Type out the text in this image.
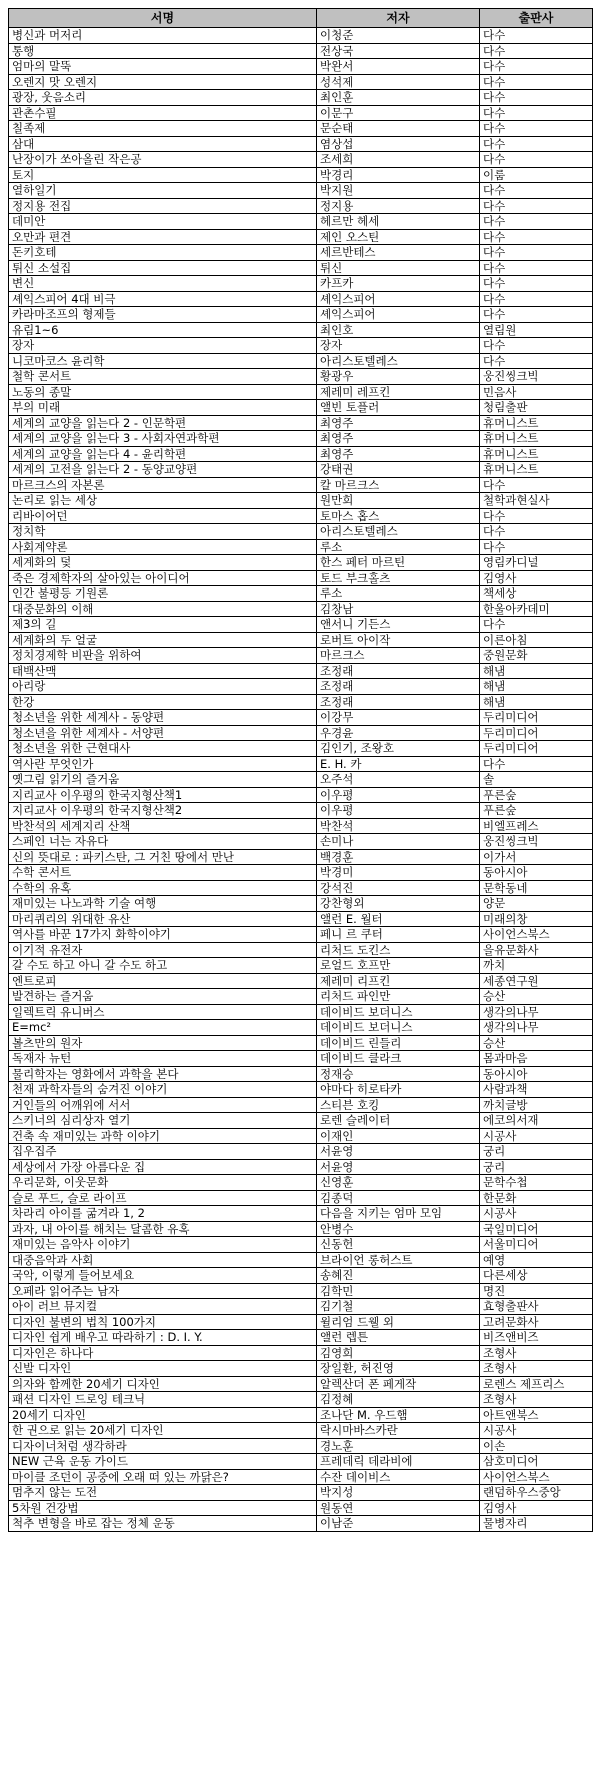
서명	저자	출판사
병신과 머저리	이청준	다수
통행	전상국	다수
엄마의 말뚝	박완서	다수
오렌지 맛 오렌지	성석제	다수
광장, 웃음소리	최인훈	다수
관촌수필	이문구	다수
칠족제	문순태	다수
삼대	염상섭	다수
난장이가 쏘아올린 작은공	조세희	다수
토지	박경리	이룸
열하일기	박지원	다수
정지용 전집	정지용	다수
데미안	헤르만 헤세	다수
오만과 편견	제인 오스틴	다수
돈키호테	세르반테스	다수
튀신 소설집	튀신	다수
변신	카프카	다수
셰익스피어 4대 비극	셰익스피어	다수
카라마조프의 형제들	셰익스피어	다수
유림1~6	최인호	열림원
장자	장자	다수
니코마코스 윤리학	아리스토텔레스	다수
철학 콘서트	황광우	웅진씽크빅
노동의 종말	제레미 레프킨	민음사
부의 미래	앨빈 토플러	청림출판
세계의 교양을 읽는다 2 - 인문학편	최영주	휴머니스트
세계의 교양을 읽는다 3 - 사회자연과학편	최영주	휴머니스트
세계의 교양을 읽는다 4 - 윤리학편	최영주	휴머니스트
세계의 고전을 읽는다 2 - 동양교양편	강태권	휴머니스트
마르크스의 자본론	칼 마르크스	다수
논리로 읽는 세상	원만희	철학과현실사
리바이어던	토마스 홉스	다수
정치학	아리스토텔레스	다수
사회계약론	루소	다수
세계화의 덫	한스 페터 마르틴	영림카디널
죽은 경제학자의 살아있는 아이디어	토드 부크홀츠	김영사
인간 불평등 기원론	루소	책세상
대중문화의 이해	김창남	한울아카데미
제3의 길	앤서니 기든스	다수
세계화의 두 얼굴	로버트 아이작	이른아침
정치경제학 비판을 위하여	마르크스	중원문화
태백산맥	조정래	해냄
아리랑	조정래	해냄
한강	조정래	해냄
청소년을 위한 세계사 - 동양편	이강무	두리미디어
청소년을 위한 세계사 - 서양편	우경윤	두리미디어
청소년을 위한 근현대사	김인기, 조왕호	두리미디어
역사란 무엇인가	E. H. 카	다수
옛그림 읽기의 즐거움	오주석	솔
지리교사 이우평의 한국지형산책1	이우평	푸른숲
지리교사 이우평의 한국지형산책2	이우평	푸른숲
박찬석의 세계지리 산책	박찬석	비엘프레스
스페인 너는 자유다	손미나	웅진씽크빅
신의 뜻대로 : 파키스탄, 그 거친 땅에서 만난	백경훈	이가서
수학 콘서트	박경미	동아시아
수학의 유혹	강석진	문학동네
재미있는 나노과학 기술 여행	강찬형외	양문
마리퀴리의 위대한 유산	앨런 E. 월터	미래의창
역사를 바꾼 17가지 화학이야기	페니 르 쿠터	사이언스북스
이기적 유전자	리처드 도킨스	을유문화사
갈 수도 하고 아니 갈 수도 하고	로얼드 호프만	까치
엔트로피	제레미 리프킨	세종연구원
발견하는 즐거움	리처드 파인만	승산
일렉트릭 유니버스	데이비드 보더니스	생각의나무
E=mc²	데이비드 보더니스	생각의나무
볼츠만의 원자	데이비드 린들리	승산
독재자 뉴턴	데이비드 클라크	몸과마음
물리학자는 영화에서 과학을 본다	정재승	동아시아
천재 과학자들의 숨겨진 이야기	야마다 히로타카	사람과책
거인들의 어깨위에 서서	스티븐 호킹	까치글방
스키너의 심리상자 열기	로렌 슬레이터	에코의서재
건축 속 재미있는 과학 이야기	이재인	시공사
집우집주	서윤영	궁리
세상에서 가장 아름다운 집	서윤영	궁리
우리문화, 이웃문화	신영훈	문학수첩
슬로 푸드, 슬로 라이프	김종덕	한문화
차라리 아이를 굶겨라 1, 2	다음을 지키는 엄마 모임	시공사
과자, 내 아이를 해치는 달콤한 유혹	안병수	국일미디어
재미있는 음악사 이야기	신동헌	서울미디어
대중음악과 사회	브라이언 롱허스트	예영
국악, 이렇게 들어보세요	송혜진	다른세상
오페라 읽어주는 남자	김학민	명진
아이 러브 뮤지컬	김기철	효형출판사
디자인 불변의 법칙 100가지	윌리엄 드웰 외	고려문화사
디자인 쉽게 배우고 따라하기 : D. I. Y.	앨런 렙튼	비즈앤비즈
디자인은 하나다	김영희	조형사
신발 디자인	장일환, 허진영	조형사
의자와 함께한 20세기 디자인	알렉산더 폰 페게작	로렌스 제프리스
패션 디자인 드로잉 테크닉	김정혜	조형사
20세기 디자인	조나단 M. 우드햄	아트앤북스
한 권으로 읽는 20세기 디자인	락시마바스카란	시공사
디자이너처럼 생각하라	경노훈	이손
NEW 근육 운동 가이드	프레데릭 데라비에	삼호미디어
마이클 조던이 공중에 오래 떠 있는 까닭은?	수잔 데이비스	사이언스북스
멈추지 않는 도전	박지성	랜덤하우스중앙
5차원 건강법	원동연	김영사
척추 변형을 바로 잡는 정체 운동	이남준	물병자리
